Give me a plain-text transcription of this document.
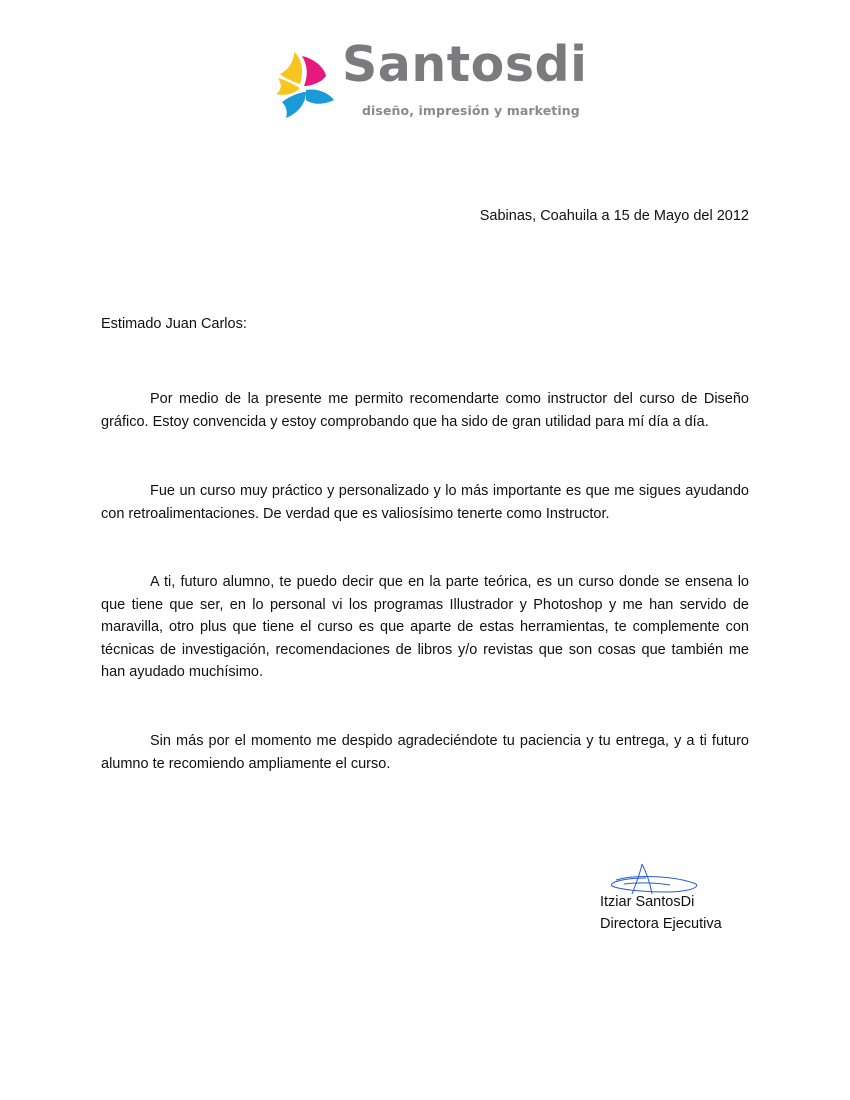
Santosdi
diseño, impresión y marketing
Sabinas, Coahuila a 15 de Mayo del 2012
Estimado Juan Carlos:

Por medio de la presente me permito recomendarte como instructor del curso de Diseño gráfico. Estoy convencida y estoy comprobando que ha sido de gran utilidad para mí día a día.

Fue un curso muy práctico y personalizado y lo más importante es que me sigues ayudando con retroalimentaciones. De verdad que es valiosísimo tenerte como Instructor.

A ti, futuro alumno, te puedo decir que en la parte teórica, es un curso donde se ensena lo que tiene que ser, en lo personal vi los programas Illustrador y Photoshop y me han servido de maravilla, otro plus que tiene el curso es que aparte de estas herramientas, te complemente con técnicas de investigación, recomendaciones de libros y/o revistas que son cosas que también me han ayudado muchísimo.

Sin más por el momento me despido agradeciéndote tu paciencia y tu entrega, y a ti futuro alumno te recomiendo ampliamente el curso.

Itziar SantosDi
Directora Ejecutiva
